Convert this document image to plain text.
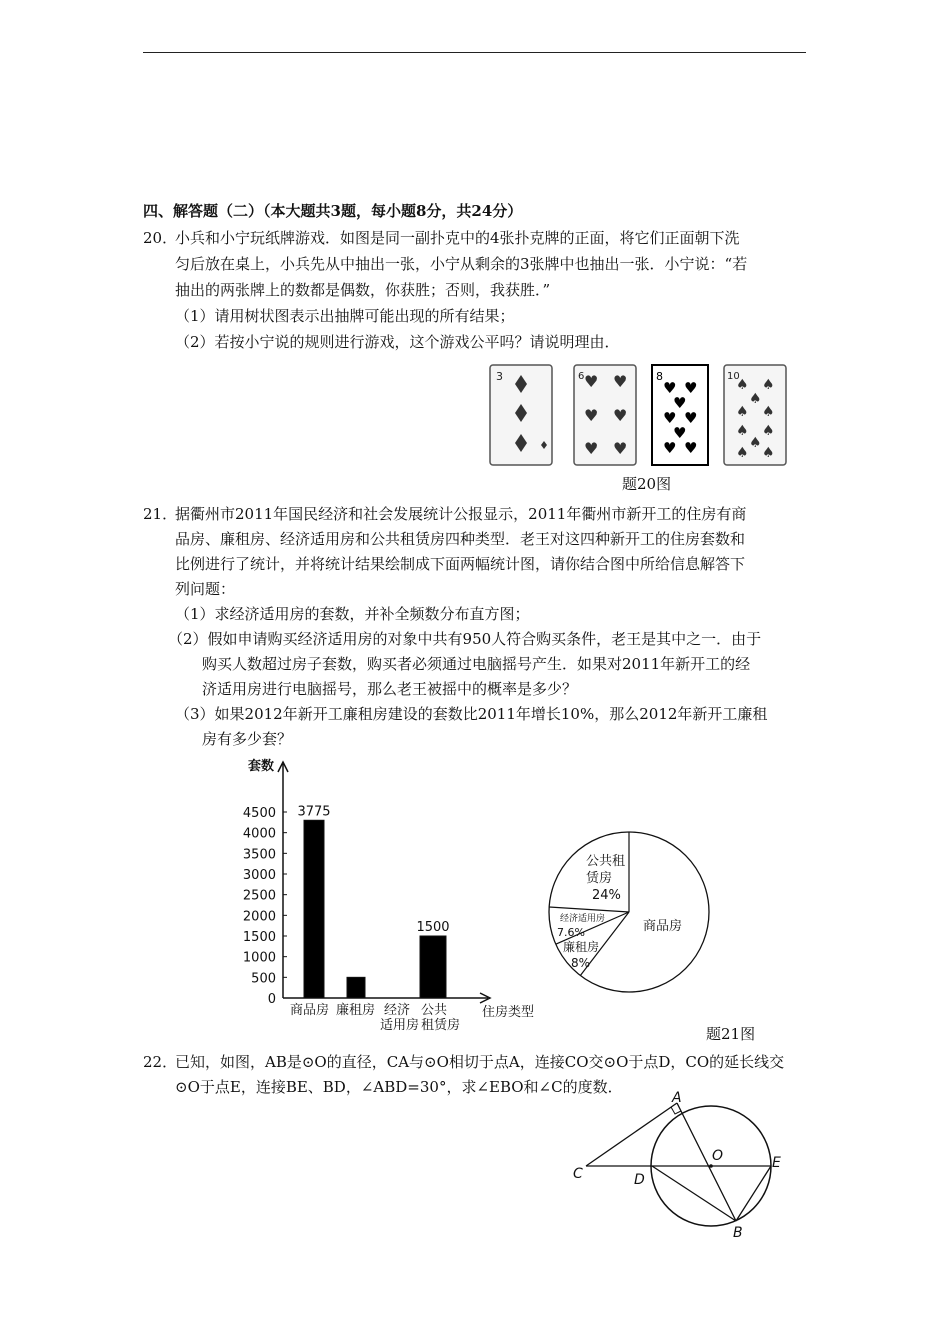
四、解答题（二）（本大题共3题，每小题8分，共24分）
20．
小兵和小宁玩纸牌游戏．如图是同一副扑克中的4张扑克牌的正面，将它们正面朝下洗
匀后放在桌上，小兵先从中抽出一张，小宁从剩余的3张牌中也抽出一张．小宁说：“若
抽出的两张牌上的数都是偶数，你获胜；否则，我获胜．”
（1）请用树状图表示出抽牌可能出现的所有结果；
（2）若按小宁说的规则进行游戏，这个游戏公平吗？请说明理由．
3	6 ♥ ♥
♥ ♥
♥ ♥
8
♥ ♥
♥
♥ ♥
♥
♥ ♥
10
♠ ♠
♠
♠ ♠
♠ ♠
♠
♠ ♠
题20图
21．
据衢州市2011年国民经济和社会发展统计公报显示，2011年衢州市新开工的住房有商
品房、廉租房、经济适用房和公共租赁房四种类型．老王对这四种新开工的住房套数和
比例进行了统计，并将统计结果绘制成下面两幅统计图，请你结合图中所给信息解答下
列问题：
（1）求经济适用房的套数，并补全频数分布直方图；
（2）假如申请购买经济适用房的对象中共有950人符合购买条件，老王是其中之一．由于
购买人数超过房子套数，购买者必须通过电脑摇号产生．如果对2011年新开工的经
济适用房进行电脑摇号，那么老王被摇中的概率是多少？
（3）如果2012年新开工廉租房建设的套数比2011年增长10%，那么2012年新开工廉租
房有多少套？
套数
0
500
1000
1500
2000
2500
3000
3500
4000
4500 3775
1500
商品房 廉租房 经济
适用房
公共
租赁房
住房类型
公共租
赁房
24%
经济适用房
7.6%
廉租房
8%
商品房
题21图
22．
已知，如图，AB是⊙O的直径，CA与⊙O相切于点A，连接CO交⊙O于点D，CO的延长线交
⊙O于点E，连接BE、BD，∠ABD=30°，求∠EBO和∠C的度数．
A
B
C	D
E
O
